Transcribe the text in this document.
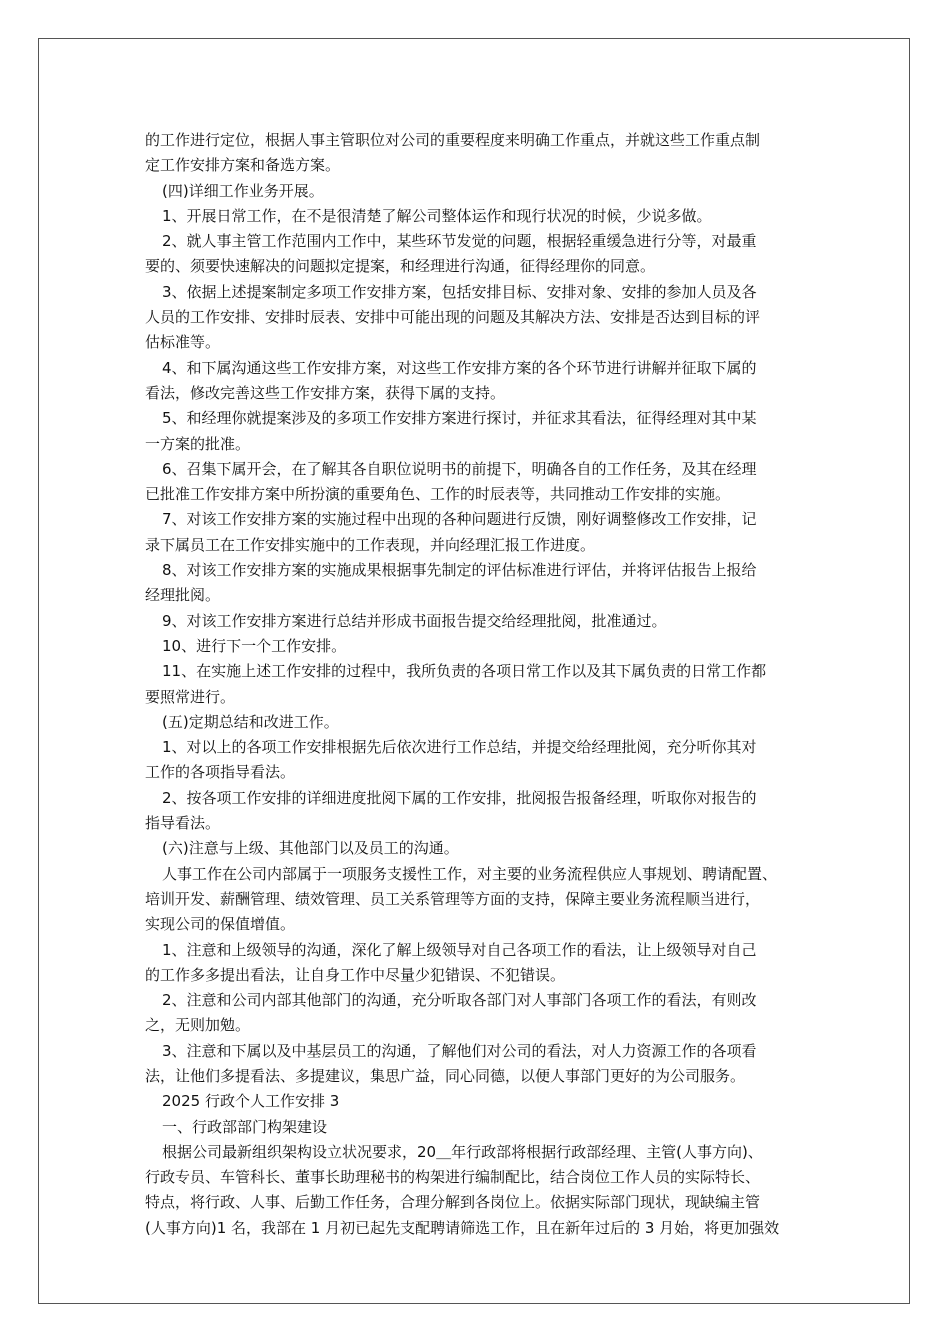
的工作进行定位，根据人事主管职位对公司的重要程度来明确工作重点，并就这些工作重点制
定工作安排方案和备选方案。
(四)详细工作业务开展。
1、开展日常工作，在不是很清楚了解公司整体运作和现行状况的时候，少说多做。
2、就人事主管工作范围内工作中，某些环节发觉的问题，根据轻重缓急进行分等，对最重
要的、须要快速解决的问题拟定提案，和经理进行沟通，征得经理你的同意。
3、依据上述提案制定多项工作安排方案，包括安排目标、安排对象、安排的参加人员及各
人员的工作安排、安排时辰表、安排中可能出现的问题及其解决方法、安排是否达到目标的评
估标准等。
4、和下属沟通这些工作安排方案，对这些工作安排方案的各个环节进行讲解并征取下属的
看法，修改完善这些工作安排方案，获得下属的支持。
5、和经理你就提案涉及的多项工作安排方案进行探讨，并征求其看法，征得经理对其中某
一方案的批准。
6、召集下属开会，在了解其各自职位说明书的前提下，明确各自的工作任务，及其在经理
已批准工作安排方案中所扮演的重要角色、工作的时辰表等，共同推动工作安排的实施。
7、对该工作安排方案的实施过程中出现的各种问题进行反馈，刚好调整修改工作安排，记
录下属员工在工作安排实施中的工作表现，并向经理汇报工作进度。
8、对该工作安排方案的实施成果根据事先制定的评估标准进行评估，并将评估报告上报给
经理批阅。
9、对该工作安排方案进行总结并形成书面报告提交给经理批阅，批准通过。
10、进行下一个工作安排。
11、在实施上述工作安排的过程中，我所负责的各项日常工作以及其下属负责的日常工作都
要照常进行。
(五)定期总结和改进工作。
1、对以上的各项工作安排根据先后依次进行工作总结，并提交给经理批阅，充分听你其对
工作的各项指导看法。
2、按各项工作安排的详细进度批阅下属的工作安排，批阅报告报备经理，听取你对报告的
指导看法。
(六)注意与上级、其他部门以及员工的沟通。
人事工作在公司内部属于一项服务支援性工作，对主要的业务流程供应人事规划、聘请配置、
培训开发、薪酬管理、绩效管理、员工关系管理等方面的支持，保障主要业务流程顺当进行，
实现公司的保值增值。
1、注意和上级领导的沟通，深化了解上级领导对自己各项工作的看法，让上级领导对自己
的工作多多提出看法，让自身工作中尽量少犯错误、不犯错误。
2、注意和公司内部其他部门的沟通，充分听取各部门对人事部门各项工作的看法，有则改
之，无则加勉。
3、注意和下属以及中基层员工的沟通，了解他们对公司的看法，对人力资源工作的各项看
法，让他们多提看法、多提建议，集思广益，同心同德，以便人事部门更好的为公司服务。
2025 行政个人工作安排 3
一、行政部部门构架建设
根据公司最新组织架构设立状况要求，20＿年行政部将根据行政部经理、主管(人事方向)、
行政专员、车管科长、董事长助理秘书的构架进行编制配比，结合岗位工作人员的实际特长、
特点，将行政、人事、后勤工作任务，合理分解到各岗位上。依据实际部门现状，现缺编主管
(人事方向)1 名，我部在 1 月初已起先支配聘请筛选工作，且在新年过后的 3 月始，将更加强效
